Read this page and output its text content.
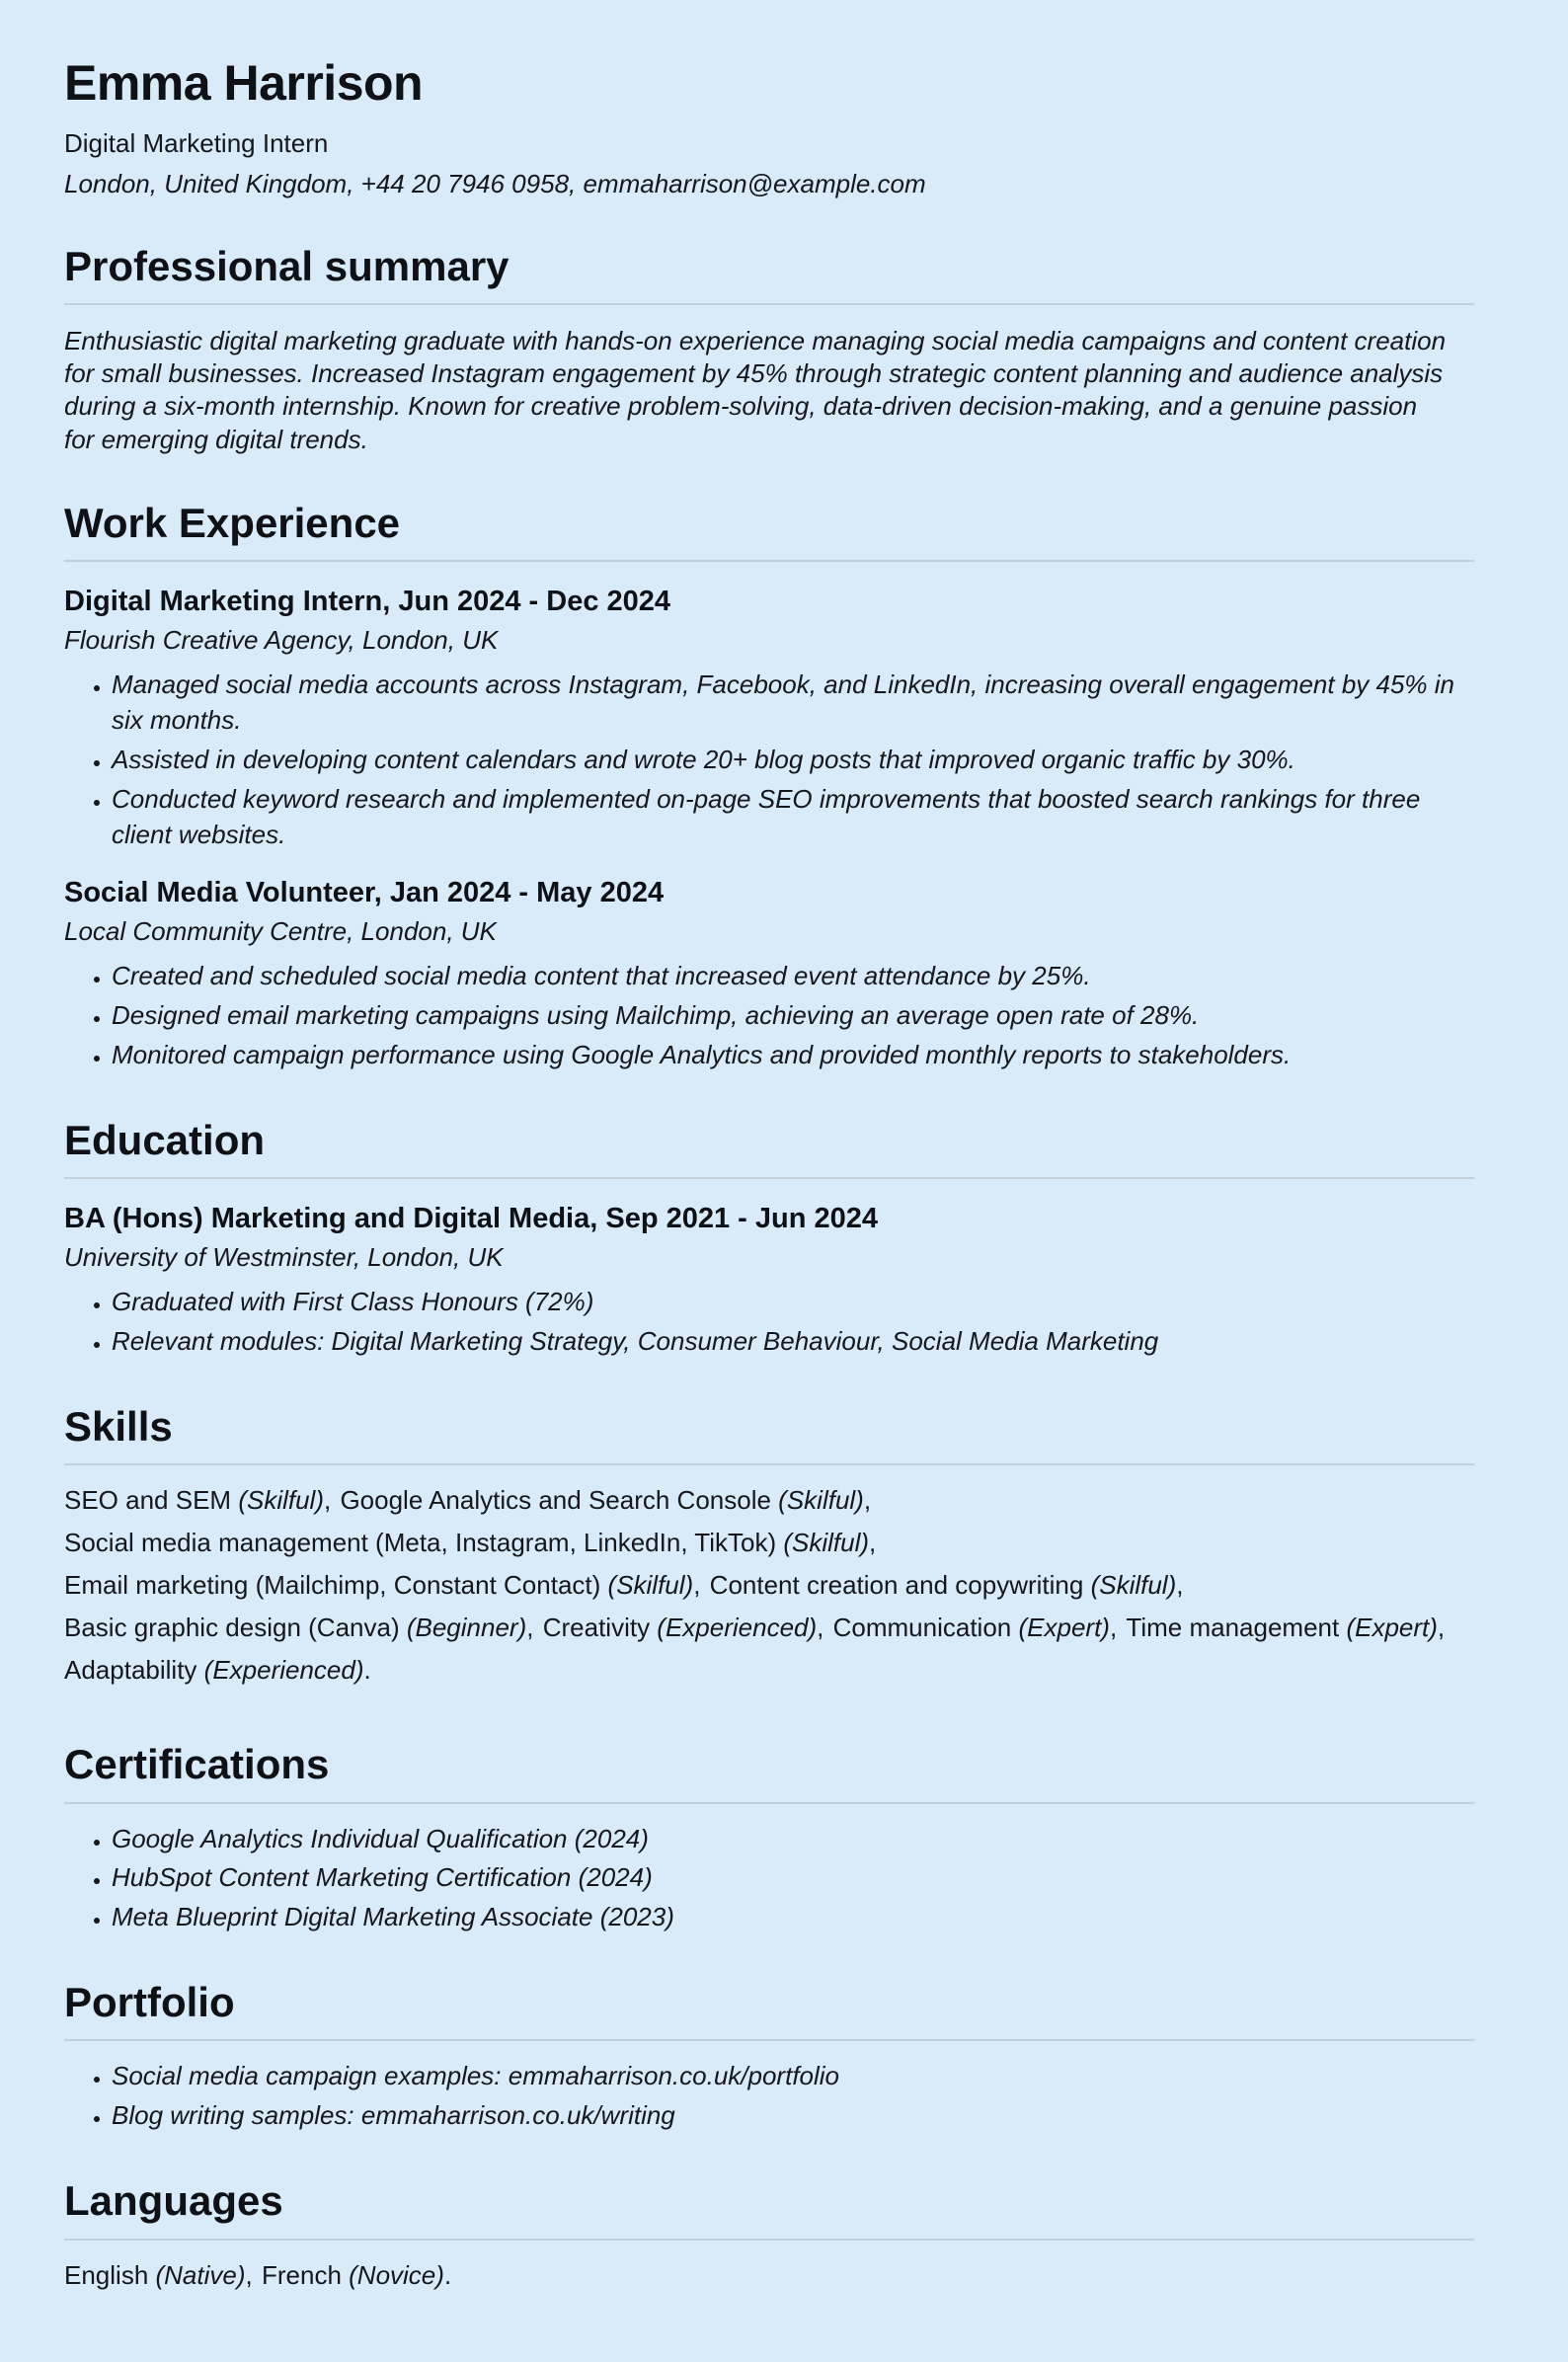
Emma Harrison
Digital Marketing Intern
London, United Kingdom, +44 20 7946 0958, emmaharrison@example.com
Professional summary

Enthusiastic digital marketing graduate with hands-on experience managing social media campaigns and content creation for small businesses. Increased Instagram engagement by 45% through strategic content planning and audience analysis during a six-month internship. Known for creative problem-solving, data-driven decision-making, and a genuine passion for emerging digital trends.

Work Experience
Digital Marketing Intern, Jun 2024 - Dec 2024
Flourish Creative Agency, London, UK
• Managed social media accounts across Instagram, Facebook, and LinkedIn, increasing overall engagement by 45% in six months.
• Assisted in developing content calendars and wrote 20+ blog posts that improved organic traffic by 30%.
• Conducted keyword research and implemented on-page SEO improvements that boosted search rankings for three client websites.
Social Media Volunteer, Jan 2024 - May 2024
Local Community Centre, London, UK
• Created and scheduled social media content that increased event attendance by 25%.
• Designed email marketing campaigns using Mailchimp, achieving an average open rate of 28%.
• Monitored campaign performance using Google Analytics and provided monthly reports to stakeholders.
Education
BA (Hons) Marketing and Digital Media, Sep 2021 - Jun 2024
University of Westminster, London, UK
• Graduated with First Class Honours (72%)
• Relevant modules: Digital Marketing Strategy, Consumer Behaviour, Social Media Marketing
Skills
SEO and SEM (Skilful), Google Analytics and Search Console (Skilful), Social media management (Meta, Instagram, LinkedIn, TikTok) (Skilful), Email marketing (Mailchimp, Constant Contact) (Skilful), Content creation and copywriting (Skilful), Basic graphic design (Canva) (Beginner), Creativity (Experienced), Communication (Expert), Time management (Expert), Adaptability (Experienced).
Certifications
• Google Analytics Individual Qualification (2024)
• HubSpot Content Marketing Certification (2024)
• Meta Blueprint Digital Marketing Associate (2023)
Portfolio
• Social media campaign examples: emmaharrison.co.uk/portfolio
• Blog writing samples: emmaharrison.co.uk/writing
Languages
English (Native), French (Novice).
